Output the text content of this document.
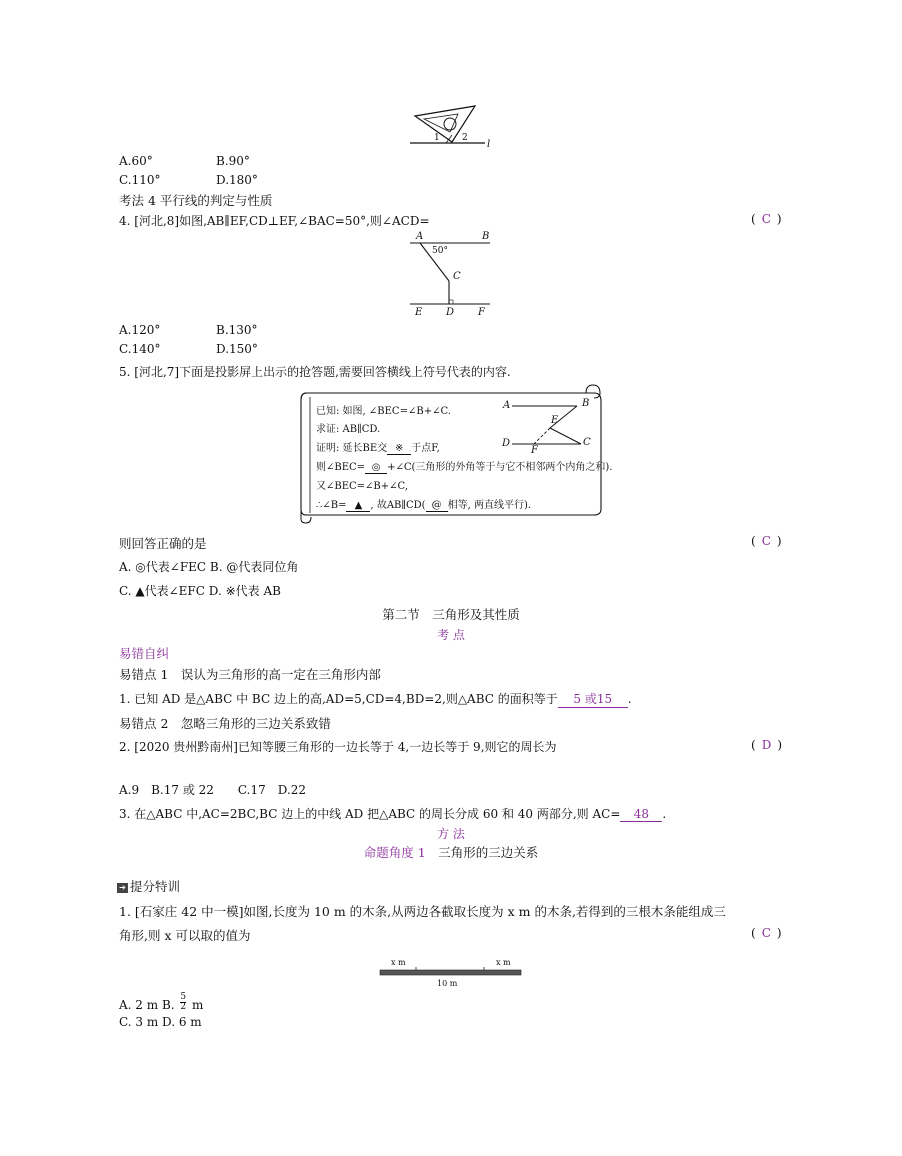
1 2
l
A.60°	B.90°
C.110°	D.180°
考法 4 平行线的判定与性质
4. [河北,8]如图,AB∥EF,CD⊥EF,∠BAC=50°,则∠ACD=	( C )
A	B
50°
C
E D F
A.120°	B.130°
C.140°	D.150°
5. [河北,7]下面是投影屏上出示的抢答题,需要回答横线上符号代表的内容.
A	B
E
D
F
C
已知: 如图, ∠BEC=∠B+∠C.
求证: AB∥CD.
证明: 延长BE交 ※ 于点F,
则∠BEC= ◎ +∠C(三角形的外角等于与它不相邻两个内角之和).
又∠BEC=∠B+∠C,
∴∠B= ▲ , 故AB∥CD( @ 相等, 两直线平行).
则回答正确的是	( C )
A. ◎代表∠FEC B. @代表同位角
C. ▲代表∠EFC D. ※代表 AB
第二节　三角形及其性质
考 点
易错自纠
易错点 1　误认为三角形的高一定在三角形内部
1. 已知 AD 是△ABC 中 BC 边上的高,AD=5,CD=4,BD=2,则△ABC 的面积等于 5 或15 .
易错点 2　忽略三角形的三边关系致错
2. [2020 贵州黔南州]已知等腰三角形的一边长等于 4,一边长等于 9,则它的周长为	( D )
A.9　B.17 或 22　　C.17　D.22
3. 在△ABC 中,AC=2BC,BC 边上的中线 AD 把△ABC 的周长分成 60 和 40 两部分,则 AC= 48 .
方 法
命题角度 1　 三角形的三边关系
➔ 提分特训
1. [石家庄 42 中一模]如图,长度为 10 m 的木条,从两边各截取长度为 x m 的木条,若得到的三根木条能组成三
角形,则 x 可以取的值为	( C )
x m	x m
10 m
A. 2 m B. $\frac{5}{2}$ m
C. 3 m D. 6 m
